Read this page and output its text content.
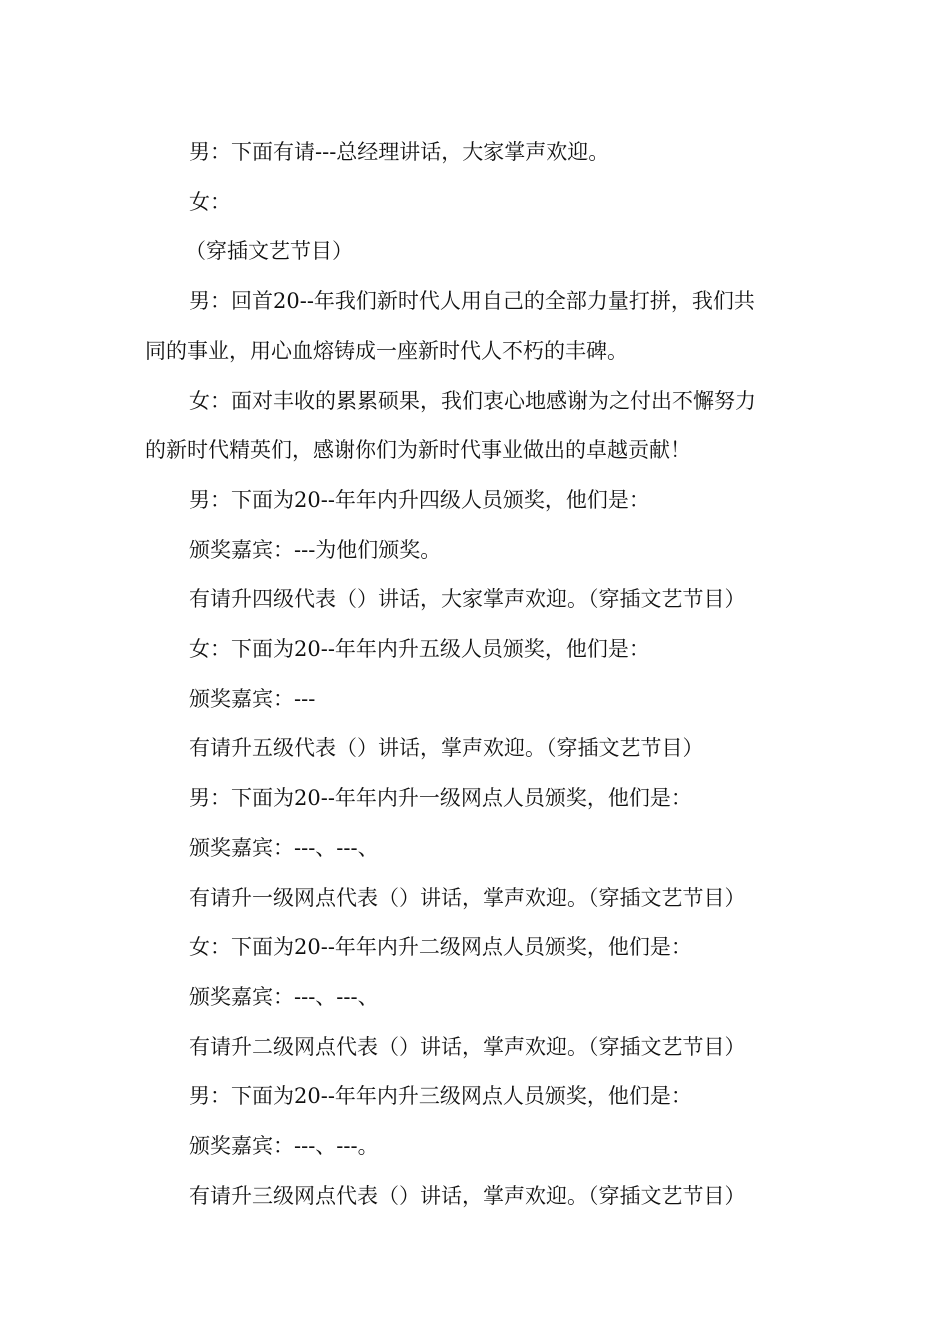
男：下面有请---总经理讲话，大家掌声欢迎。

女：

（穿插文艺节目）

男：回首20--年我们新时代人用自己的全部力量打拼，我们共
同的事业，用心血熔铸成一座新时代人不朽的丰碑。
女：面对丰收的累累硕果，我们衷心地感谢为之付出不懈努力
的新时代精英们，感谢你们为新时代事业做出的卓越贡献！

男：下面为20--年年内升四级人员颁奖，他们是：

颁奖嘉宾：---为他们颁奖。

有请升四级代表（）讲话，大家掌声欢迎。（穿插文艺节目）

女：下面为20--年年内升五级人员颁奖，他们是：

颁奖嘉宾：---

有请升五级代表（）讲话，掌声欢迎。（穿插文艺节目）

男：下面为20--年年内升一级网点人员颁奖，他们是：

颁奖嘉宾：---、---、

有请升一级网点代表（）讲话，掌声欢迎。（穿插文艺节目）

女：下面为20--年年内升二级网点人员颁奖，他们是：

颁奖嘉宾：---、---、

有请升二级网点代表（）讲话，掌声欢迎。（穿插文艺节目）

男：下面为20--年年内升三级网点人员颁奖，他们是：

颁奖嘉宾：---、---。

有请升三级网点代表（）讲话，掌声欢迎。（穿插文艺节目）
